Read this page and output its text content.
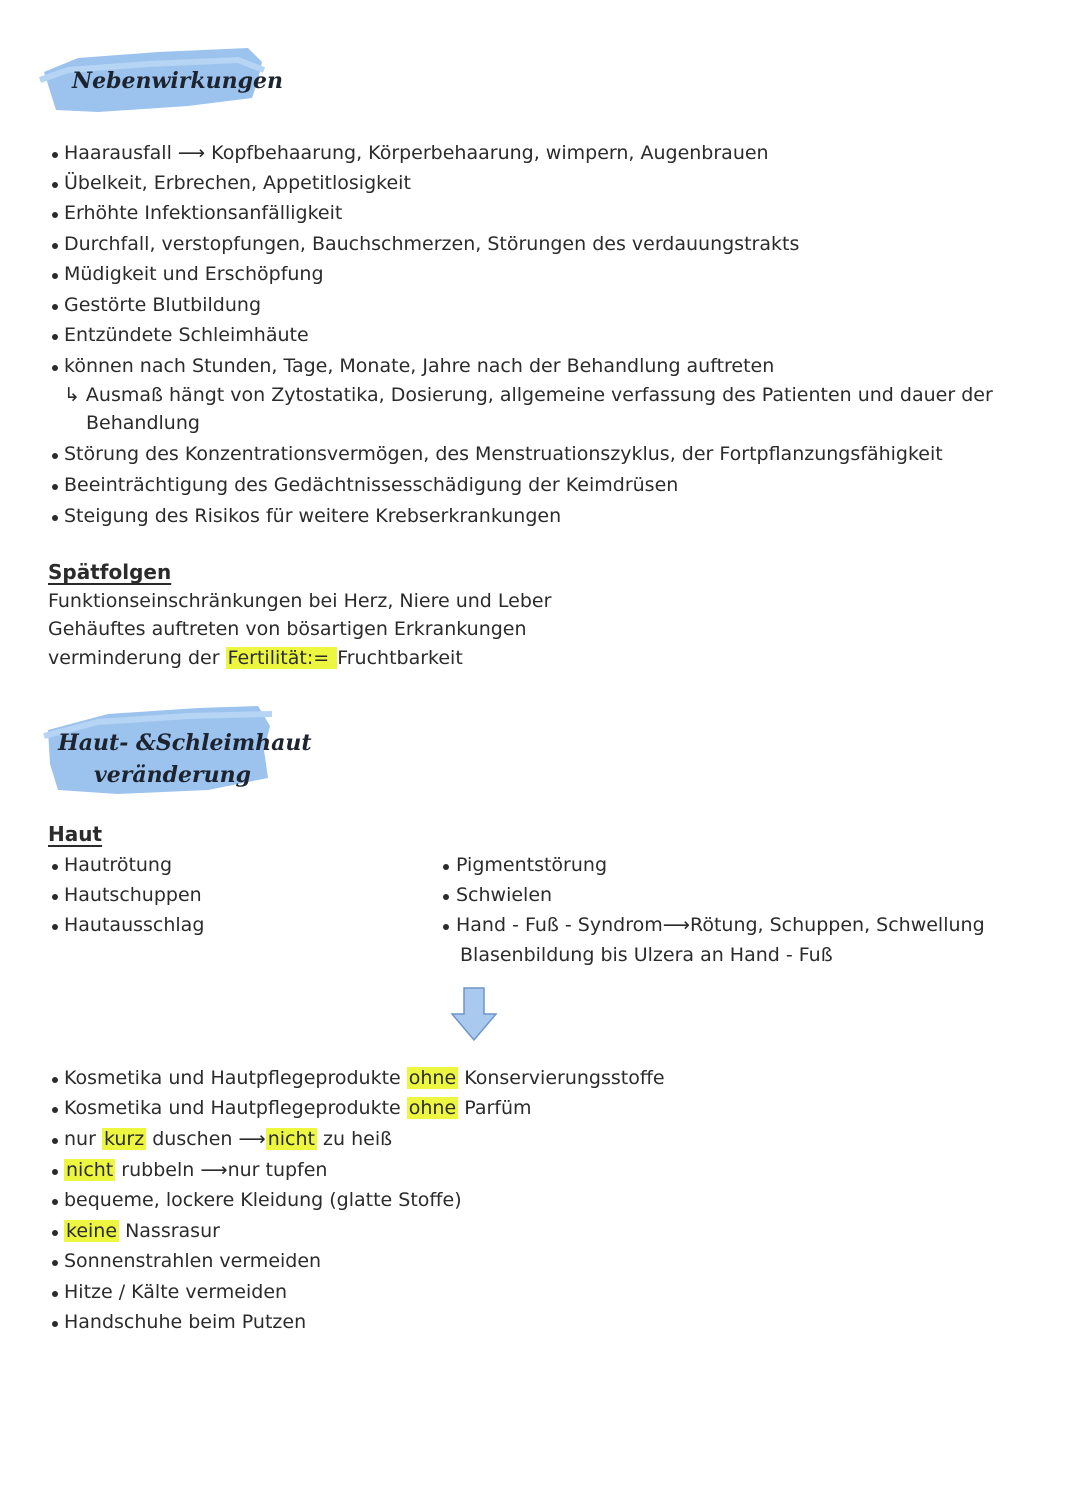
Nebenwirkungen
Haarausfall ⟶ Kopfbehaarung, Körperbehaarung, wimpern, Augenbrauen
Übelkeit, Erbrechen, Appetitlosigkeit
Erhöhte Infektionsanfälligkeit
Durchfall, verstopfungen, Bauchschmerzen, Störungen des verdauungstrakts
Müdigkeit und Erschöpfung
Gestörte Blutbildung
Entzündete Schleimhäute
können nach Stunden, Tage, Monate, Jahre nach der Behandlung auftreten
↳ Ausmaß hängt von Zytostatika, Dosierung, allgemeine verfassung des Patienten und dauer der
Behandlung
Störung des Konzentrationsvermögen, des Menstruationszyklus, der Fortpflanzungsfähigkeit
Beeinträchtigung des Gedächtnissesschädigung der Keimdrüsen
Steigung des Risikos für weitere Krebserkrankungen
Spätfolgen
Funktionseinschränkungen bei Herz, Niere und Leber
Gehäuftes auftreten von bösartigen Erkrankungen
verminderung der Fertilität:= Fruchtbarkeit
Haut- &Schleimhaut
veränderung
Haut
Hautrötung
Hautschuppen
Hautausschlag
Pigmentstörung
Schwielen
Hand - Fuß - Syndrom⟶Rötung, Schuppen, Schwellung
Blasenbildung bis Ulzera an Hand - Fuß
Kosmetika und Hautpflegeprodukte ohne Konservierungsstoffe
Kosmetika und Hautpflegeprodukte ohne Parfüm
nur kurz duschen ⟶ nicht zu heiß
nicht rubbeln ⟶nur tupfen
bequeme, lockere Kleidung (glatte Stoffe)
keine Nassrasur
Sonnenstrahlen vermeiden
Hitze / Kälte vermeiden
Handschuhe beim Putzen
